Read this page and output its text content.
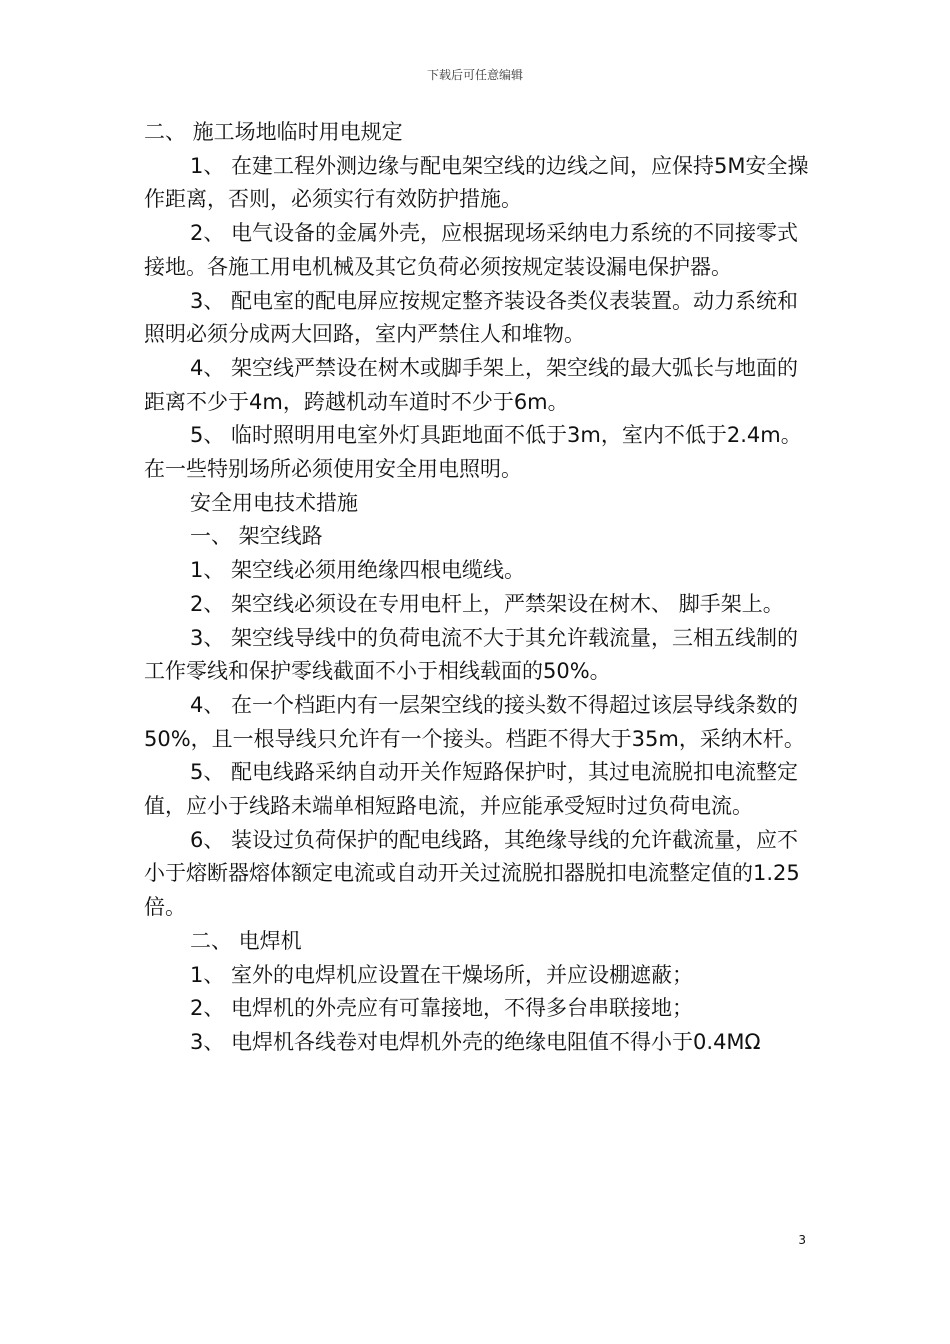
下载后可任意编辑

二、 施工场地临时用电规定

1、 在建工程外测边缘与配电架空线的边线之间，应保持5M安全操作距离，否则，必须实行有效防护措施。

2、 电气设备的金属外壳，应根据现场采纳电力系统的不同接零式接地。各施工用电机械及其它负荷必须按规定装设漏电保护器。

3、 配电室的配电屏应按规定整齐装设各类仪表装置。动力系统和照明必须分成两大回路，室内严禁住人和堆物。

4、 架空线严禁设在树木或脚手架上，架空线的最大弧长与地面的距离不少于4m，跨越机动车道时不少于6m。

5、 临时照明用电室外灯具距地面不低于3m，室内不低于2.4m。在一些特别场所必须使用安全用电照明。

安全用电技术措施

一、 架空线路

1、 架空线必须用绝缘四根电缆线。

2、 架空线必须设在专用电杆上，严禁架设在树木、 脚手架上。

3、 架空线导线中的负荷电流不大于其允许载流量，三相五线制的工作零线和保护零线截面不小于相线载面的50%。

4、 在一个档距内有一层架空线的接头数不得超过该层导线条数的50%，且一根导线只允许有一个接头。档距不得大于35m，采纳木杆。

5、 配电线路采纳自动开关作短路保护时，其过电流脱扣电流整定值，应小于线路未端单相短路电流，并应能承受短时过负荷电流。

6、 装设过负荷保护的配电线路，其绝缘导线的允许截流量，应不小于熔断器熔体额定电流或自动开关过流脱扣器脱扣电流整定值的1.25倍。

二、 电焊机

1、 室外的电焊机应设置在干燥场所，并应设棚遮蔽；

2、 电焊机的外壳应有可靠接地，不得多台串联接地；

3、 电焊机各线卷对电焊机外壳的绝缘电阻值不得小于0.4MΩ

3
